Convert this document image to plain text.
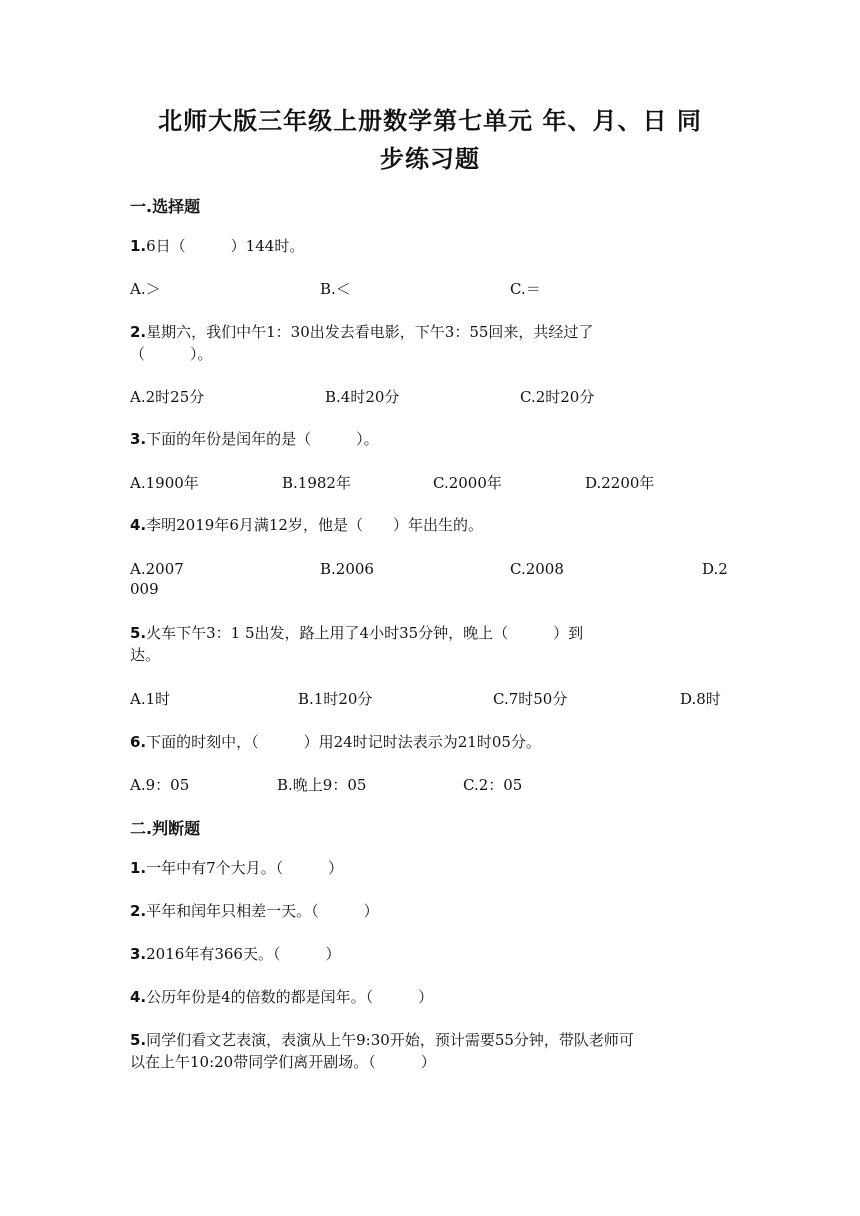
北师大版三年级上册数学第七单元 年、月、日 同
步练习题
一.选择题
1.6日（　　　）144时。
A.＞	B.＜	C.＝
2.星期六，我们中午1：30出发去看电影，下午3：55回来，共经过了
（　　　）。
A.2时25分	B.4时20分	C.2时20分
3.下面的年份是闰年的是（　　　）。
A.1900年	B.1982年	C.2000年	D.2200年
4.李明2019年6月满12岁，他是（　　）年出生的。
A.2007	B.2006	C.2008	D.2
009
5.火车下午3：1 5出发，路上用了4小时35分钟，晚上（　　　）到
达。
A.1时	B.1时20分	C.7时50分	D.8时
6.下面的时刻中，（　　　）用24时记时法表示为21时05分。
A.9：05	B.晚上9：05	C.2：05
二.判断题
1.一年中有7个大月。（　　　）
2.平年和闰年只相差一天。（　　　）
3.2016年有366天。（　　　）
4.公历年份是4的倍数的都是闰年。（　　　）
5.同学们看文艺表演，表演从上午9:30开始，预计需要55分钟，带队老师可
以在上午10:20带同学们离开剧场。（　　　）
